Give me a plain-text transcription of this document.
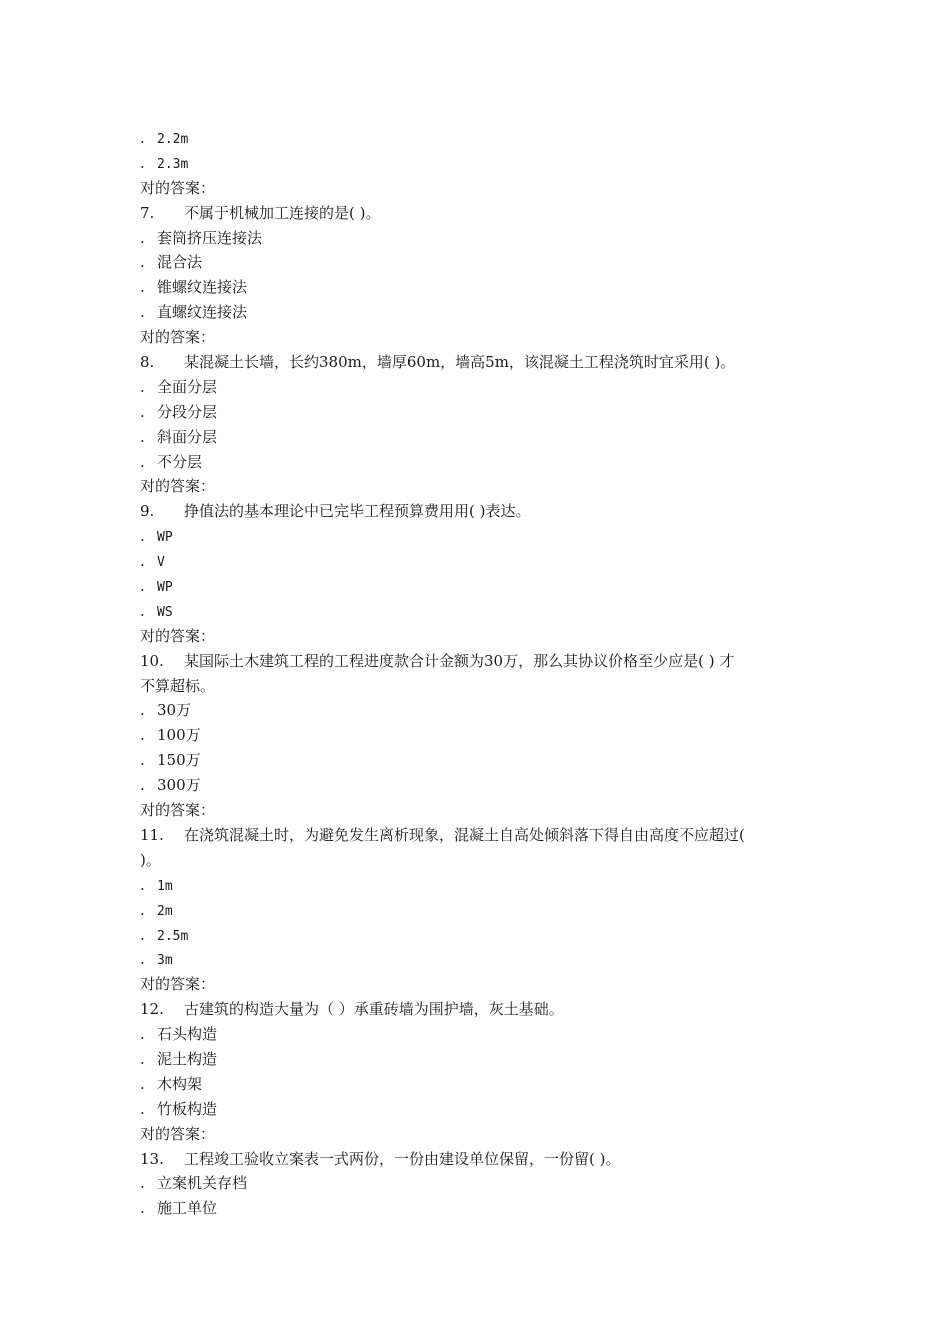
. 2.2m
. 2.3m
对的答案：
7. 不属于机械加工连接的是( )。
. 套筒挤压连接法
. 混合法
. 锥螺纹连接法
. 直螺纹连接法
对的答案：
8. 某混凝土长墙，长约380m，墙厚60m，墙高5m，该混凝土工程浇筑时宜采用( )。
. 全面分层
. 分段分层
. 斜面分层
. 不分层
对的答案：
9. 挣值法的基本理论中已完毕工程预算费用用( )表达。
. WP
. V
. WP
. WS
对的答案：
10. 某国际土木建筑工程的工程进度款合计金额为30万，那么其协议价格至少应是( ) 才
不算超标。
. 30万
. 100万
. 150万
. 300万
对的答案：
11. 在浇筑混凝土时，为避免发生离析现象，混凝土自高处倾斜落下得自由高度不应超过(
)。
. 1m
. 2m
. 2.5m
. 3m
对的答案：
12. 古建筑的构造大量为（ ）承重砖墙为围护墙，灰土基础。
. 石头构造
. 泥土构造
. 木构架
. 竹板构造
对的答案：
13. 工程竣工验收立案表一式两份，一份由建设单位保留，一份留( )。
. 立案机关存档
. 施工单位
